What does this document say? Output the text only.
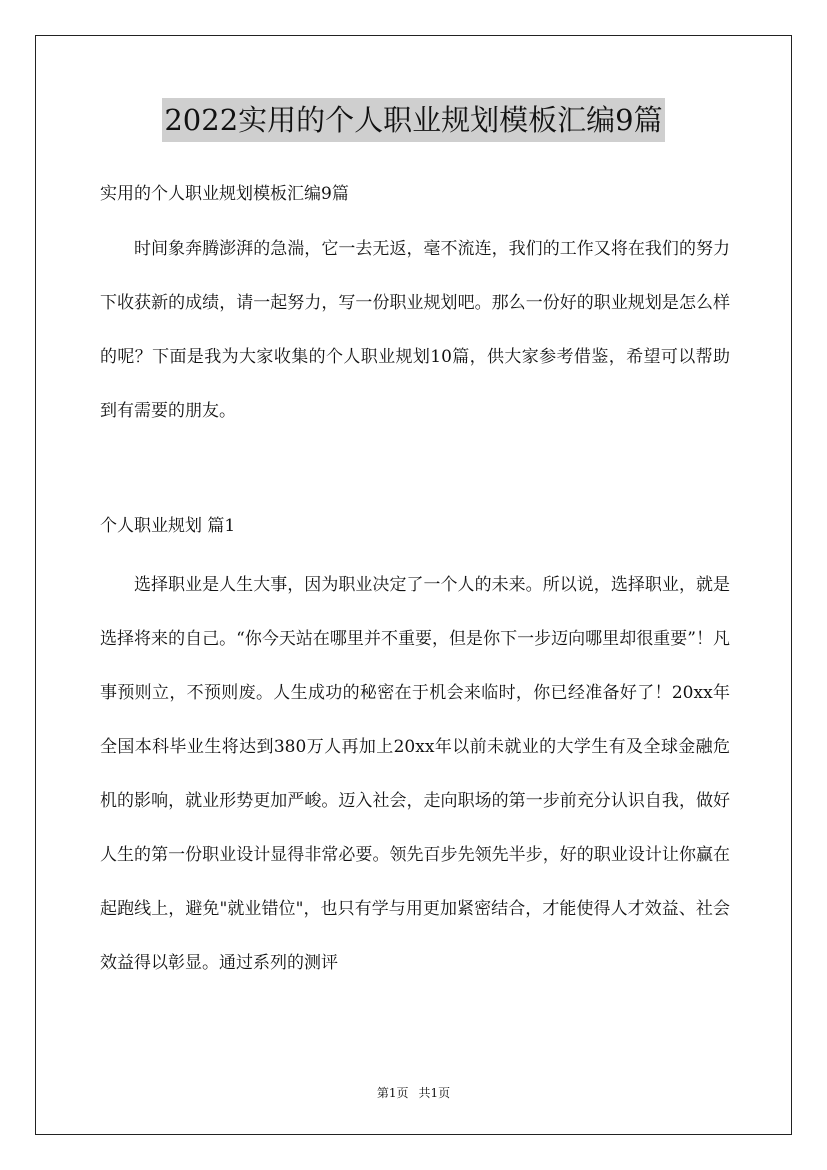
2022实用的个人职业规划模板汇编9篇

实用的个人职业规划模板汇编9篇

时间象奔腾澎湃的急湍，它一去无返，毫不流连，我们的工作又将在我们的努力下收获新的成绩，请一起努力，写一份职业规划吧。那么一份好的职业规划是怎么样的呢？下面是我为大家收集的个人职业规划10篇，供大家参考借鉴，希望可以帮助到有需要的朋友。

个人职业规划 篇1

选择职业是人生大事，因为职业决定了一个人的未来。所以说，选择职业，就是选择将来的自己。“你今天站在哪里并不重要，但是你下一步迈向哪里却很重要”！凡事预则立，不预则废。人生成功的秘密在于机会来临时，你已经准备好了！20xx年全国本科毕业生将达到380万人再加上20xx年以前未就业的大学生有及全球金融危机的影响，就业形势更加严峻。迈入社会，走向职场的第一步前充分认识自我，做好人生的第一份职业设计显得非常必要。领先百步先领先半步，好的职业设计让你赢在起跑线上，避免"就业错位"，也只有学与用更加紧密结合，才能使得人才效益、社会效益得以彰显。通过系列的测评

第1页 共1页
